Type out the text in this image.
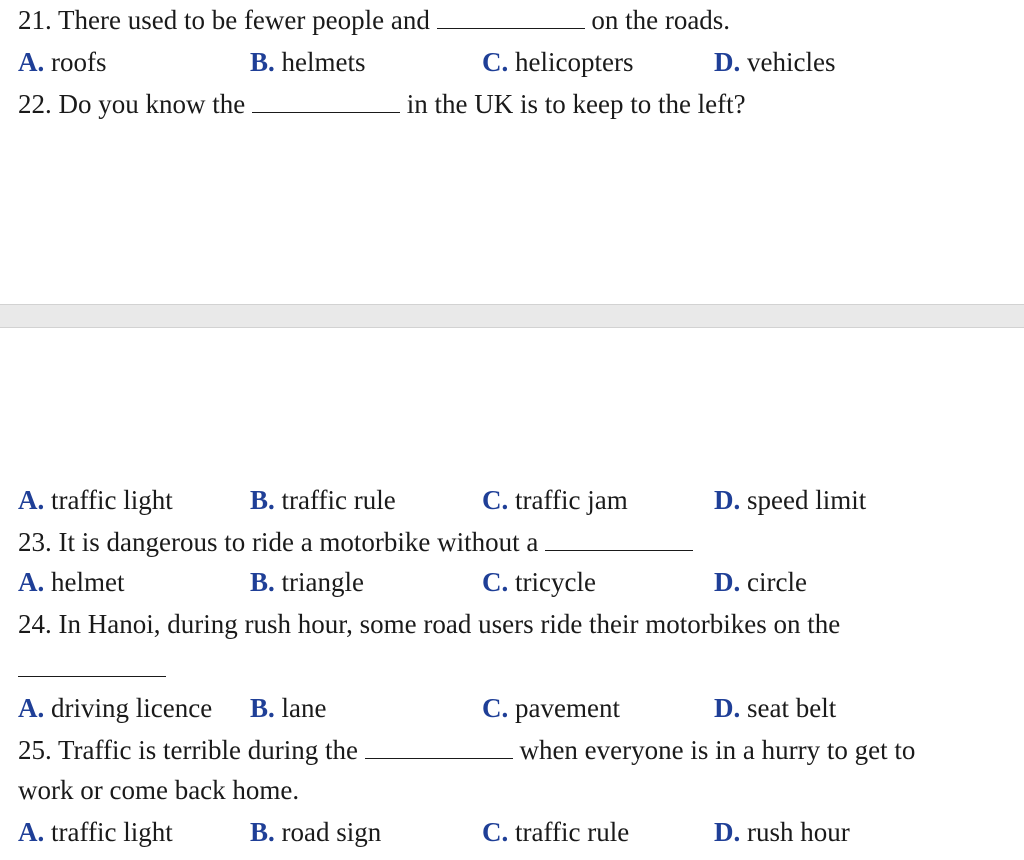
21. There used to be fewer people and	on the roads.
A. roofs	B. helmets	C. helicopters	D. vehicles
22. Do you know the	in the UK is to keep to the left?
A. traffic light	B. traffic rule	C. traffic jam	D. speed limit
23. It is dangerous to ride a motorbike without a
A. helmet	B. triangle	C. tricycle	D. circle
24. In Hanoi, during rush hour, some road users ride their motorbikes on the
A. driving licence B. lane	C. pavement	D. seat belt
25. Traffic is terrible during the	when everyone is in a hurry to get to
work or come back home.
A. traffic light	B. road sign	C. traffic rule	D. rush hour
